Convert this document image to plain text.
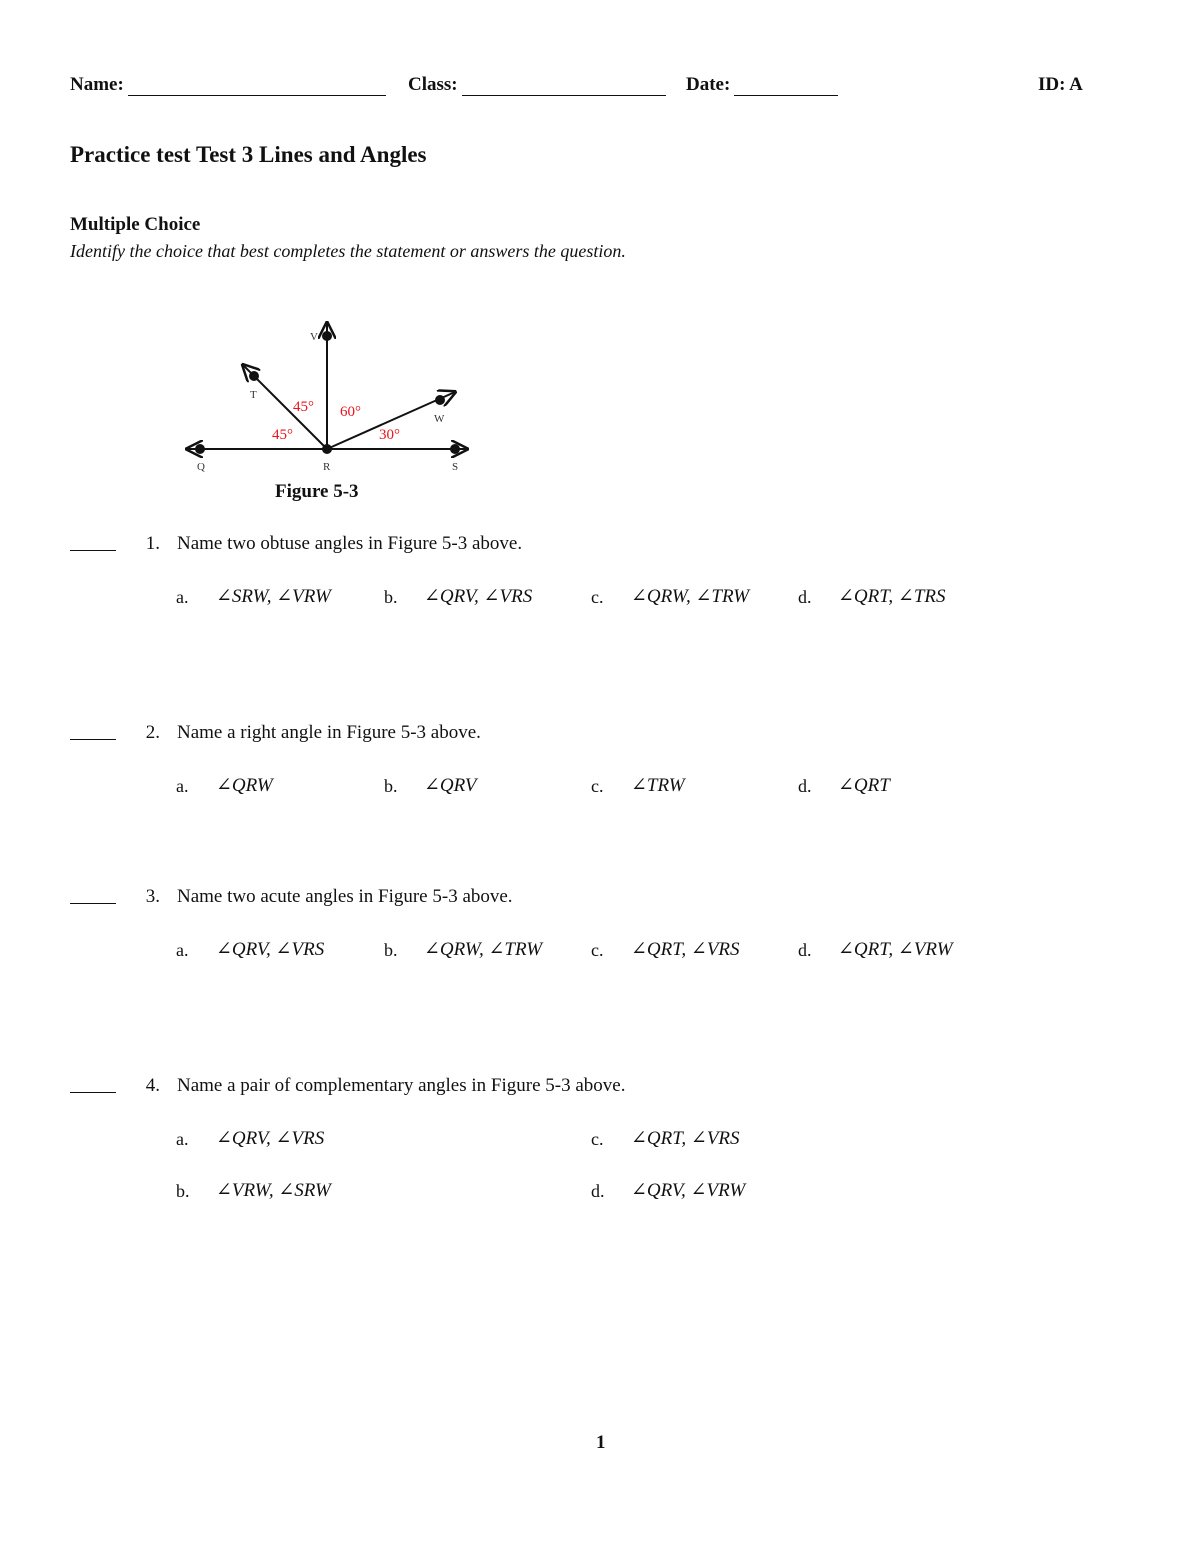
Name:	Class:	Date:	ID: A
Practice test Test 3 Lines and Angles
Multiple Choice
Identify the choice that best completes the statement or answers the question.
Q	R	S
V
T
W
45°
45°
60°
30°
Figure 5-3
1. Name two obtuse angles in Figure 5-3 above.
a. ∠SRW, ∠VRW	b. ∠QRV, ∠VRS	c. ∠QRW, ∠TRW	d. ∠QRT, ∠TRS
2. Name a right angle in Figure 5-3 above.
a. ∠QRW	b. ∠QRV	c. ∠TRW	d. ∠QRT
3. Name two acute angles in Figure 5-3 above.
a. ∠QRV, ∠VRS	b. ∠QRW, ∠TRW	c. ∠QRT, ∠VRS	d. ∠QRT, ∠VRW
4. Name a pair of complementary angles in Figure 5-3 above.
a. ∠QRV, ∠VRS	c. ∠QRT, ∠VRS
b. ∠VRW, ∠SRW	d. ∠QRV, ∠VRW
1
